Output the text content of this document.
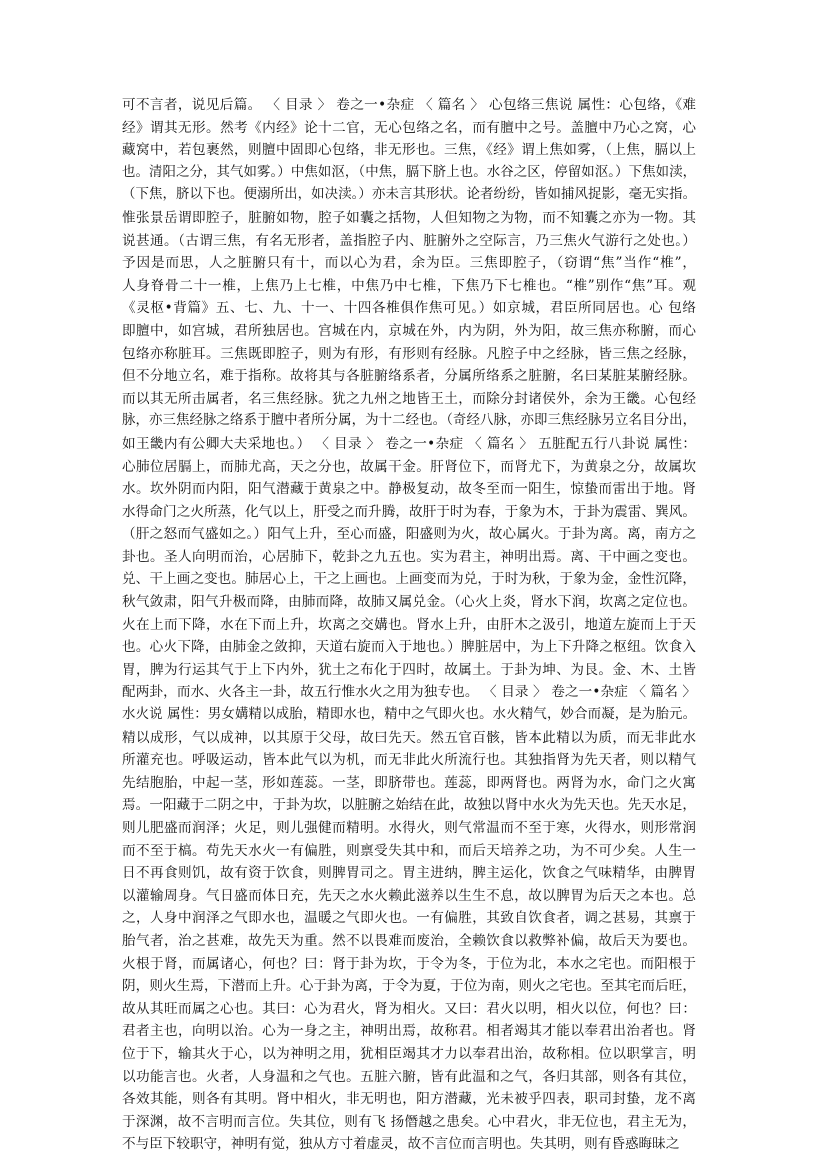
可不言者，说见后篇。 〈 目录 〉 卷之一•杂症 〈 篇名 〉 心包络三焦说 属性：心包络，《难
经》谓其无形。然考《内经》论十二官，无心包络之名，而有膻中之号。盖膻中乃心之窝，心
藏窝中，若包裹然，则膻中固即心包络，非无形也。三焦，《经》谓上焦如雾，（上焦，膈以上
也。清阳之分，其气如雾。）中焦如沤，（中焦，膈下脐上也。水谷之区，停留如沤。）下焦如渎，
（下焦，脐以下也。便溺所出，如决渎。）亦未言其形状。论者纷纷，皆如捕风捉影，毫无实指。
惟张景岳谓即腔子，脏腑如物，腔子如囊之括物，人但知物之为物，而不知囊之亦为一物。其
说甚通。（古谓三焦，有名无形者，盖指腔子内、脏腑外之空际言，乃三焦火气游行之处也。）
予因是而思，人之脏腑只有十，而以心为君，余为臣。三焦即腔子，（窃谓“焦”当作“椎”，
人身脊骨二十一椎，上焦乃上七椎，中焦乃中七椎，下焦乃下七椎也。“椎”别作“焦”耳。观
《灵枢•背篇》五、七、九、十一、十四各椎俱作焦可见。）如京城，君臣所同居也。心 包络
即膻中，如宫城，君所独居也。宫城在内，京城在外，内为阴，外为阳，故三焦亦称腑，而心
包络亦称脏耳。三焦既即腔子，则为有形，有形则有经脉。凡腔子中之经脉，皆三焦之经脉，
但不分地立名，难于指称。故将其与各脏腑络系者，分属所络系之脏腑，名曰某脏某腑经脉。
而以其无所击属者，名三焦经脉。犹之九州之地皆王土，而除分封诸侯外，余为王畿。心包经
脉，亦三焦经脉之络系于膻中者所分属，为十二经也。（奇经八脉，亦即三焦经脉另立名目分出，
如王畿内有公卿大夫采地也。） 〈 目录 〉 卷之一•杂症 〈 篇名 〉 五脏配五行八卦说 属性：
心肺位居膈上，而肺尤高，天之分也，故属干金。肝肾位下，而肾尤下，为黄泉之分，故属坎
水。坎外阴而内阳，阳气潜藏于黄泉之中。静极复动，故冬至而一阳生，惊蛰而雷出于地。肾
水得命门之火所蒸，化气以上，肝受之而升腾，故肝于时为春，于象为木，于卦为震雷、巽风。
（肝之怒而气盛如之。）阳气上升，至心而盛，阳盛则为火，故心属火。于卦为离。离，南方之
卦也。圣人向明而治，心居肺下，乾卦之九五也。实为君主，神明出焉。离、干中画之变也。
兑、干上画之变也。肺居心上，干之上画也。上画变而为兑，于时为秋，于象为金，金性沉降，
秋气敛肃，阳气升极而降，由肺而降，故肺又属兑金。（心火上炎，肾水下润，坎离之定位也。
火在上而下降，水在下而上升，坎离之交媾也。肾水上升，由肝木之汲引，地道左旋而上于天
也。心火下降，由肺金之敛抑，天道右旋而入于地也。）脾脏居中，为上下升降之枢纽。饮食入
胃，脾为行运其气于上下内外，犹土之布化于四时，故属土。于卦为坤、为艮。金、木、土皆
配两卦，而水、火各主一卦，故五行惟水火之用为独专也。 〈 目录 〉 卷之一•杂症 〈 篇名 〉
水火说 属性：男女媾精以成胎，精即水也，精中之气即火也。水火精气，妙合而凝，是为胎元。
精以成形，气以成神，以其原于父母，故曰先天。然五官百骸，皆本此精以为质，而无非此水
所灌充也。呼吸运动，皆本此气以为机，而无非此火所流行也。其独指肾为先天者，则以精气
先结胞胎，中起一茎，形如莲蕊。一茎，即脐带也。莲蕊，即两肾也。两肾为水，命门之火寓
焉。一阳藏于二阴之中，于卦为坎，以脏腑之始结在此，故独以肾中水火为先天也。先天水足，
则儿肥盛而润泽；火足，则儿强健而精明。水得火，则气常温而不至于寒，火得水，则形常润
而不至于槁。苟先天水火一有偏胜，则禀受失其中和，而后天培养之功，为不可少矣。人生一
日不再食则饥，故有资于饮食，则脾胃司之。胃主进纳，脾主运化，饮食之气味精华，由脾胃
以灌输周身。气日盛而体日充，先天之水火赖此滋养以生生不息，故以脾胃为后天之本也。总
之，人身中润泽之气即水也，温暖之气即火也。一有偏胜，其致自饮食者，调之甚易，其禀于
胎气者，治之甚难，故先天为重。然不以畏难而废治，全赖饮食以救弊补偏，故后天为要也。
火根于肾，而属诸心，何也？曰：肾于卦为坎，于令为冬，于位为北，本水之宅也。而阳根于
阴，则火生焉，下潜而上升。心于卦为离，于令为夏，于位为南，则火之宅也。至其宅而后旺，
故从其旺而属之心也。其曰：心为君火，肾为相火。又曰：君火以明，相火以位，何也？曰：
君者主也，向明以治。心为一身之主，神明出焉，故称君。相者竭其才能以奉君出治者也。肾
位于下，输其火于心，以为神明之用，犹相臣竭其才力以奉君出治，故称相。位以职掌言，明
以功能言也。火者，人身温和之气也。五脏六腑，皆有此温和之气，各归其部，则各有其位，
各效其能，则各有其明。肾中相火，非无明也，阳方潜藏，光未被乎四表，职司封蛰，龙不离
于深渊，故不言明而言位。失其位，则有飞 扬僭越之患矣。心中君火，非无位也，君主无为，
不与臣下较职守，神明有觉，独从方寸着虚灵，故不言位而言明也。失其明，则有昏惑晦昧之
